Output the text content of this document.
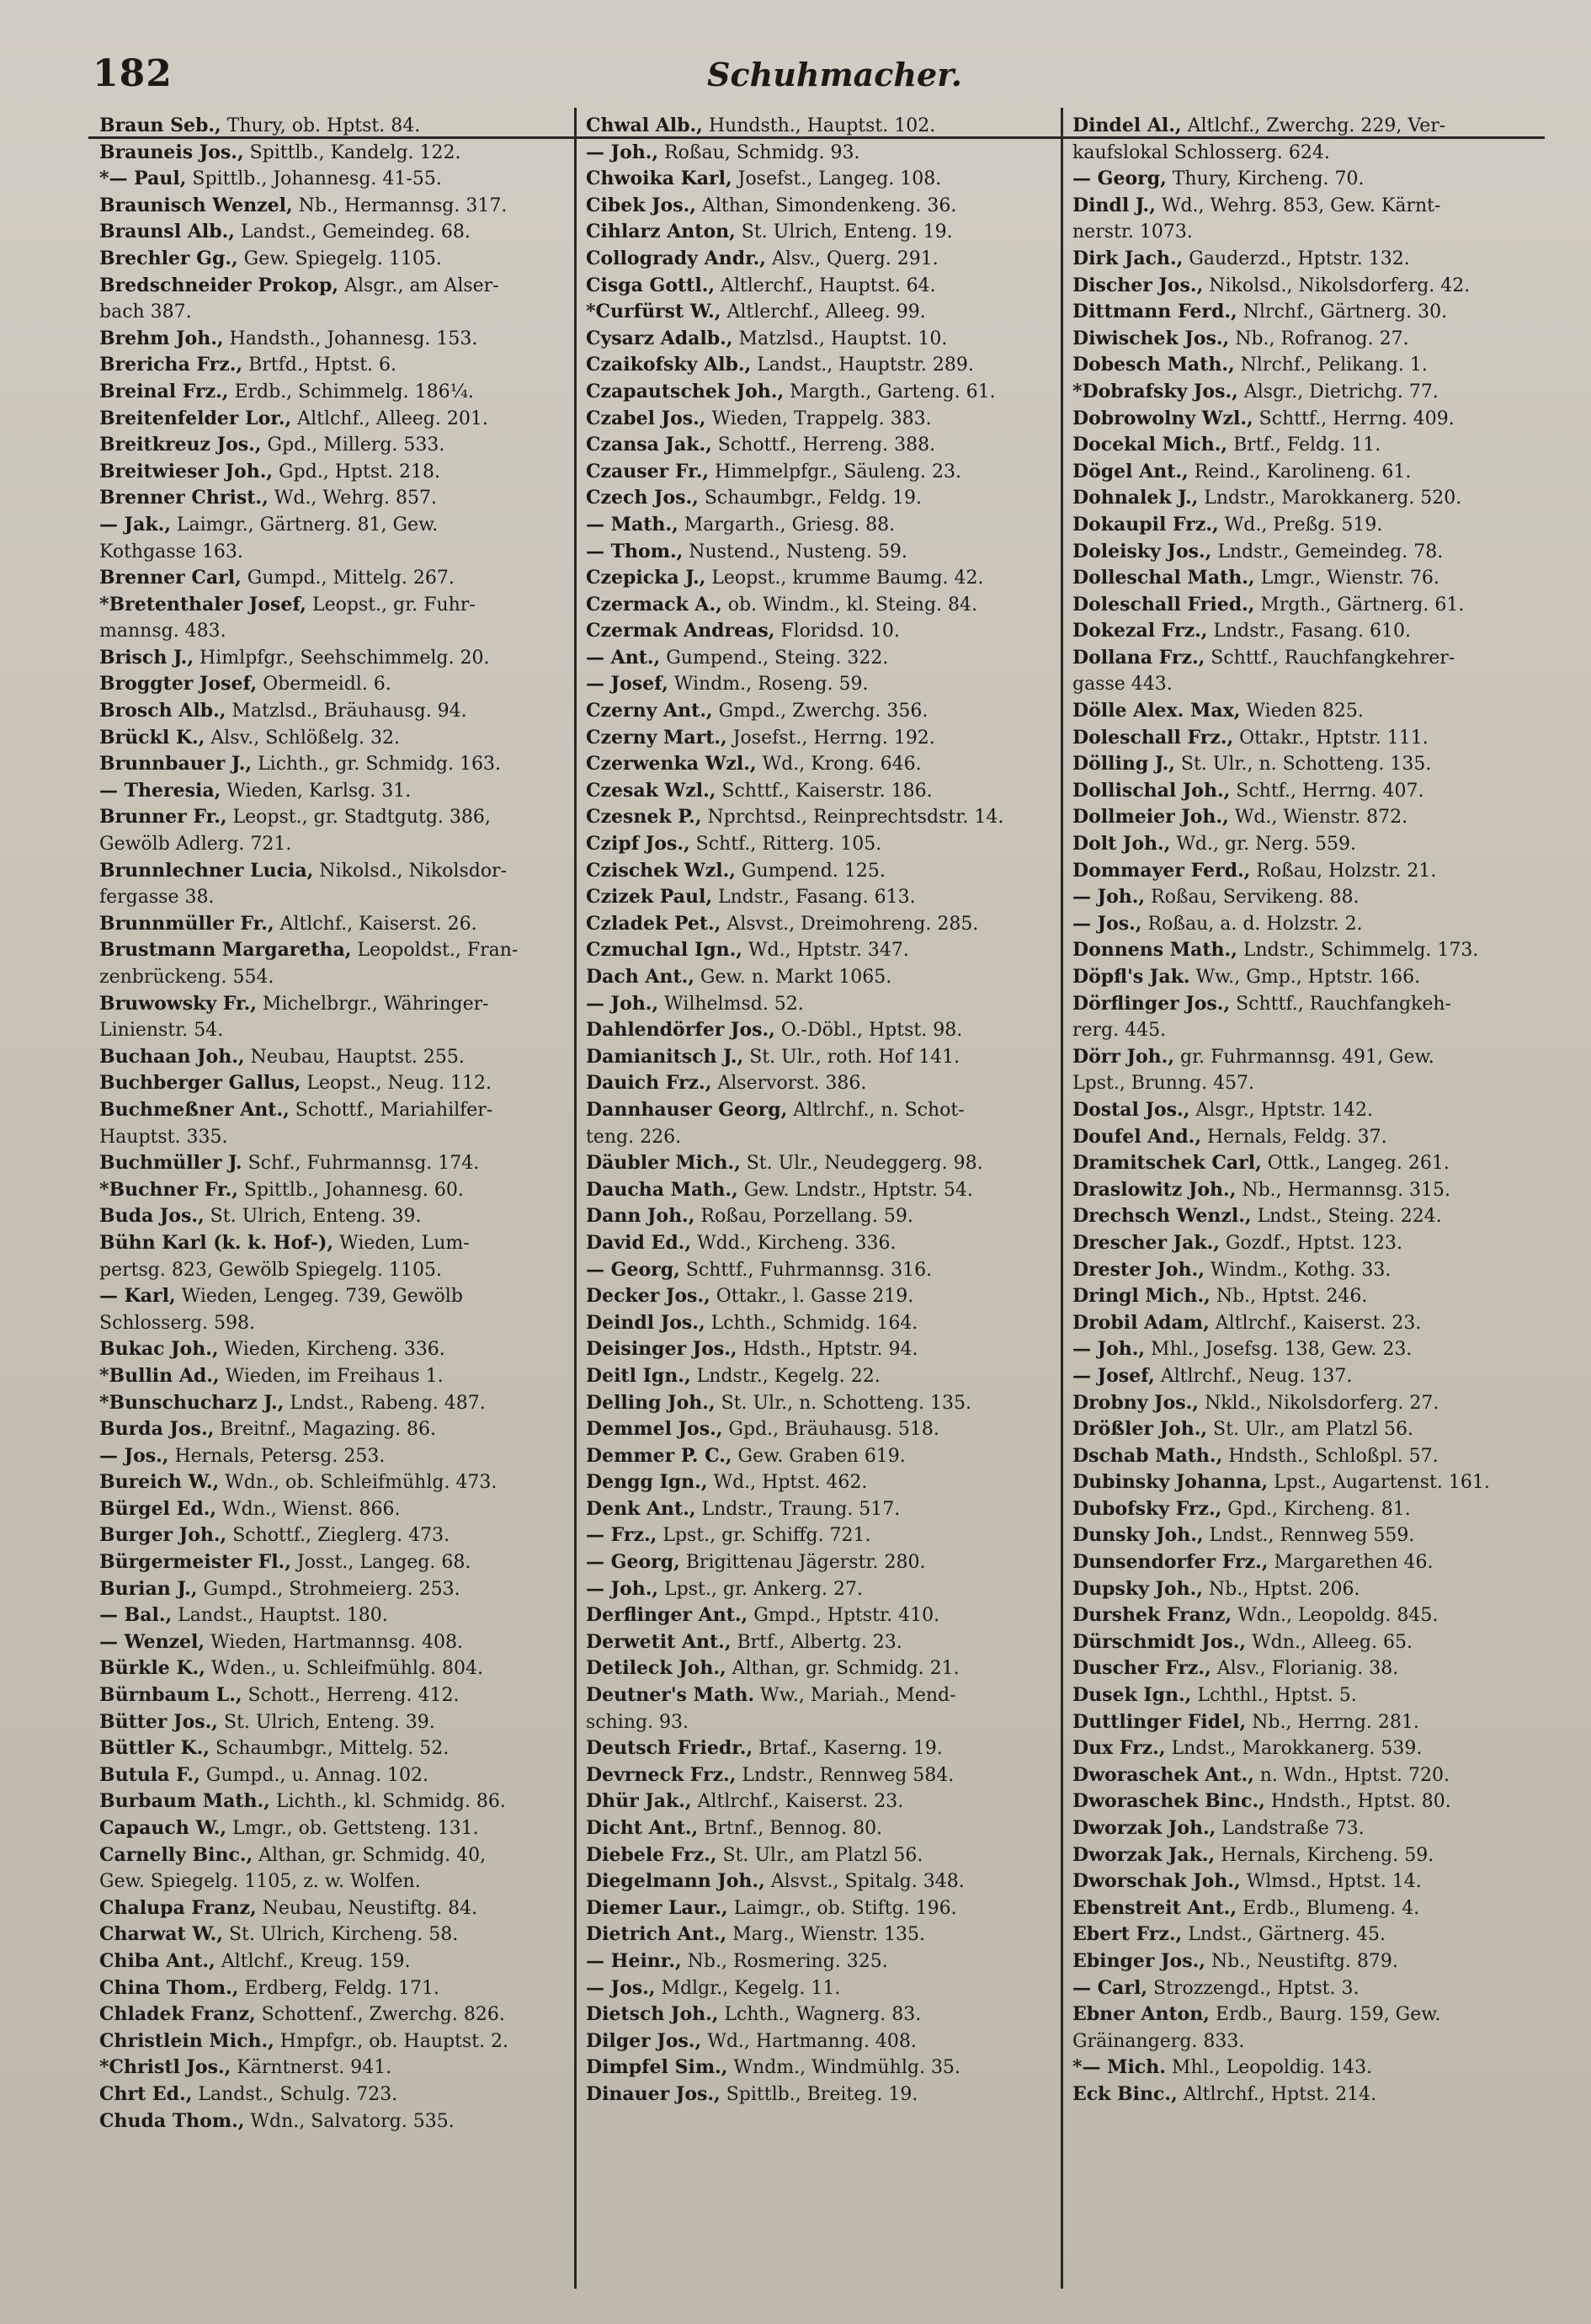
182	Schuhmacher.
Braun Seb., Thury, ob. Hptst. 84.
Brauneis Jos., Spittlb., Kandelg. 122.
*— Paul, Spittlb., Johannesg. 41-55.
Braunisch Wenzel, Nb., Hermannsg. 317.
Braunsl Alb., Landst., Gemeindeg. 68.
Brechler Gg., Gew. Spiegelg. 1105.
Bredschneider Prokop, Alsgr., am Alser-
bach 387.
Brehm Joh., Handsth., Johannesg. 153.
Brericha Frz., Brtfd., Hptst. 6.
Breinal Frz., Erdb., Schimmelg. 186¼.
Breitenfelder Lor., Altlchf., Alleeg. 201.
Breitkreuz Jos., Gpd., Millerg. 533.
Breitwieser Joh., Gpd., Hptst. 218.
Brenner Christ., Wd., Wehrg. 857.
— Jak., Laimgr., Gärtnerg. 81, Gew.
Kothgasse 163.
Brenner Carl, Gumpd., Mittelg. 267.
*Bretenthaler Josef, Leopst., gr. Fuhr-
mannsg. 483.
Brisch J., Himlpfgr., Seehschimmelg. 20.
Broggter Josef, Obermeidl. 6.
Brosch Alb., Matzlsd., Bräuhausg. 94.
Brückl K., Alsv., Schlößelg. 32.
Brunnbauer J., Lichth., gr. Schmidg. 163.
— Theresia, Wieden, Karlsg. 31.
Brunner Fr., Leopst., gr. Stadtgutg. 386,
Gewölb Adlerg. 721.
Brunnlechner Lucia, Nikolsd., Nikolsdor-
fergasse 38.
Brunnmüller Fr., Altlchf., Kaiserst. 26.
Brustmann Margaretha, Leopoldst., Fran-
zenbrückeng. 554.
Bruwowsky Fr., Michelbrgr., Währinger-
Linienstr. 54.
Buchaan Joh., Neubau, Hauptst. 255.
Buchberger Gallus, Leopst., Neug. 112.
Buchmeßner Ant., Schottf., Mariahilfer-
Hauptst. 335.
Buchmüller J. Schf., Fuhrmannsg. 174.
*Buchner Fr., Spittlb., Johannesg. 60.
Buda Jos., St. Ulrich, Enteng. 39.
Bühn Karl (k. k. Hof-), Wieden, Lum-
pertsg. 823, Gewölb Spiegelg. 1105.
— Karl, Wieden, Lengeg. 739, Gewölb
Schlosserg. 598.
Bukac Joh., Wieden, Kircheng. 336.
*Bullin Ad., Wieden, im Freihaus 1.
*Bunschucharz J., Lndst., Rabeng. 487.
Burda Jos., Breitnf., Magazing. 86.
— Jos., Hernals, Petersg. 253.
Bureich W., Wdn., ob. Schleifmühlg. 473.
Bürgel Ed., Wdn., Wienst. 866.
Burger Joh., Schottf., Zieglerg. 473.
Bürgermeister Fl., Josst., Langeg. 68.
Burian J., Gumpd., Strohmeierg. 253.
— Bal., Landst., Hauptst. 180.
— Wenzel, Wieden, Hartmannsg. 408.
Bürkle K., Wden., u. Schleifmühlg. 804.
Bürnbaum L., Schott., Herreng. 412.
Bütter Jos., St. Ulrich, Enteng. 39.
Büttler K., Schaumbgr., Mittelg. 52.
Butula F., Gumpd., u. Annag. 102.
Burbaum Math., Lichth., kl. Schmidg. 86.
Capauch W., Lmgr., ob. Gettsteng. 131.
Carnelly Binc., Althan, gr. Schmidg. 40,
Gew. Spiegelg. 1105, z. w. Wolfen.
Chalupa Franz, Neubau, Neustiftg. 84.
Charwat W., St. Ulrich, Kircheng. 58.
Chiba Ant., Altlchf., Kreug. 159.
China Thom., Erdberg, Feldg. 171.
Chladek Franz, Schottenf., Zwerchg. 826.
Christlein Mich., Hmpfgr., ob. Hauptst. 2.
*Christl Jos., Kärntnerst. 941.
Chrt Ed., Landst., Schulg. 723.
Chuda Thom., Wdn., Salvatorg. 535.
Chwal Alb., Hundsth., Hauptst. 102.
— Joh., Roßau, Schmidg. 93.
Chwoika Karl, Josefst., Langeg. 108.
Cibek Jos., Althan, Simondenkeng. 36.
Cihlarz Anton, St. Ulrich, Enteng. 19.
Collogrady Andr., Alsv., Querg. 291.
Cisga Gottl., Altlerchf., Hauptst. 64.
*Curfürst W., Altlerchf., Alleeg. 99.
Cysarz Adalb., Matzlsd., Hauptst. 10.
Czaikofsky Alb., Landst., Hauptstr. 289.
Czapautschek Joh., Margth., Garteng. 61.
Czabel Jos., Wieden, Trappelg. 383.
Czansa Jak., Schottf., Herreng. 388.
Czauser Fr., Himmelpfgr., Säuleng. 23.
Czech Jos., Schaumbgr., Feldg. 19.
— Math., Margarth., Griesg. 88.
— Thom., Nustend., Nusteng. 59.
Czepicka J., Leopst., krumme Baumg. 42.
Czermack A., ob. Windm., kl. Steing. 84.
Czermak Andreas, Floridsd. 10.
— Ant., Gumpend., Steing. 322.
— Josef, Windm., Roseng. 59.
Czerny Ant., Gmpd., Zwerchg. 356.
Czerny Mart., Josefst., Herrng. 192.
Czerwenka Wzl., Wd., Krong. 646.
Czesak Wzl., Schttf., Kaiserstr. 186.
Czesnek P., Nprchtsd., Reinprechtsdstr. 14.
Czipf Jos., Schtf., Ritterg. 105.
Czischek Wzl., Gumpend. 125.
Czizek Paul, Lndstr., Fasang. 613.
Czladek Pet., Alsvst., Dreimohreng. 285.
Czmuchal Ign., Wd., Hptstr. 347.
Dach Ant., Gew. n. Markt 1065.
— Joh., Wilhelmsd. 52.
Dahlendörfer Jos., O.-Döbl., Hptst. 98.
Damianitsch J., St. Ulr., roth. Hof 141.
Dauich Frz., Alservorst. 386.
Dannhauser Georg, Altlrchf., n. Schot-
teng. 226.
Däubler Mich., St. Ulr., Neudeggerg. 98.
Daucha Math., Gew. Lndstr., Hptstr. 54.
Dann Joh., Roßau, Porzellang. 59.
David Ed., Wdd., Kircheng. 336.
— Georg, Schttf., Fuhrmannsg. 316.
Decker Jos., Ottakr., l. Gasse 219.
Deindl Jos., Lchth., Schmidg. 164.
Deisinger Jos., Hdsth., Hptstr. 94.
Deitl Ign., Lndstr., Kegelg. 22.
Delling Joh., St. Ulr., n. Schotteng. 135.
Demmel Jos., Gpd., Bräuhausg. 518.
Demmer P. C., Gew. Graben 619.
Dengg Ign., Wd., Hptst. 462.
Denk Ant., Lndstr., Traung. 517.
— Frz., Lpst., gr. Schiffg. 721.
— Georg, Brigittenau Jägerstr. 280.
— Joh., Lpst., gr. Ankerg. 27.
Derflinger Ant., Gmpd., Hptstr. 410.
Derwetit Ant., Brtf., Albertg. 23.
Detileck Joh., Althan, gr. Schmidg. 21.
Deutner's Math. Ww., Mariah., Mend-
sching. 93.
Deutsch Friedr., Brtaf., Kaserng. 19.
Devrneck Frz., Lndstr., Rennweg 584.
Dhür Jak., Altlrchf., Kaiserst. 23.
Dicht Ant., Brtnf., Bennog. 80.
Diebele Frz., St. Ulr., am Platzl 56.
Diegelmann Joh., Alsvst., Spitalg. 348.
Diemer Laur., Laimgr., ob. Stiftg. 196.
Dietrich Ant., Marg., Wienstr. 135.
— Heinr., Nb., Rosmering. 325.
— Jos., Mdlgr., Kegelg. 11.
Dietsch Joh., Lchth., Wagnerg. 83.
Dilger Jos., Wd., Hartmanng. 408.
Dimpfel Sim., Wndm., Windmühlg. 35.
Dinauer Jos., Spittlb., Breiteg. 19.
Dindel Al., Altlchf., Zwerchg. 229, Ver-
kaufslokal Schlosserg. 624.
— Georg, Thury, Kircheng. 70.
Dindl J., Wd., Wehrg. 853, Gew. Kärnt-
nerstr. 1073.
Dirk Jach., Gauderzd., Hptstr. 132.
Discher Jos., Nikolsd., Nikolsdorferg. 42.
Dittmann Ferd., Nlrchf., Gärtnerg. 30.
Diwischek Jos., Nb., Rofranog. 27.
Dobesch Math., Nlrchf., Pelikang. 1.
*Dobrafsky Jos., Alsgr., Dietrichg. 77.
Dobrowolny Wzl., Schttf., Herrng. 409.
Docekal Mich., Brtf., Feldg. 11.
Dögel Ant., Reind., Karolineng. 61.
Dohnalek J., Lndstr., Marokkanerg. 520.
Dokaupil Frz., Wd., Preßg. 519.
Doleisky Jos., Lndstr., Gemeindeg. 78.
Dolleschal Math., Lmgr., Wienstr. 76.
Doleschall Fried., Mrgth., Gärtnerg. 61.
Dokezal Frz., Lndstr., Fasang. 610.
Dollana Frz., Schttf., Rauchfangkehrer-
gasse 443.
Dölle Alex. Max, Wieden 825.
Doleschall Frz., Ottakr., Hptstr. 111.
Dölling J., St. Ulr., n. Schotteng. 135.
Dollischal Joh., Schtf., Herrng. 407.
Dollmeier Joh., Wd., Wienstr. 872.
Dolt Joh., Wd., gr. Nerg. 559.
Dommayer Ferd., Roßau, Holzstr. 21.
— Joh., Roßau, Servikeng. 88.
— Jos., Roßau, a. d. Holzstr. 2.
Donnens Math., Lndstr., Schimmelg. 173.
Döpfl's Jak. Ww., Gmp., Hptstr. 166.
Dörflinger Jos., Schttf., Rauchfangkeh-
rerg. 445.
Dörr Joh., gr. Fuhrmannsg. 491, Gew.
Lpst., Brunng. 457.
Dostal Jos., Alsgr., Hptstr. 142.
Doufel And., Hernals, Feldg. 37.
Dramitschek Carl, Ottk., Langeg. 261.
Draslowitz Joh., Nb., Hermannsg. 315.
Drechsch Wenzl., Lndst., Steing. 224.
Drescher Jak., Gozdf., Hptst. 123.
Drester Joh., Windm., Kothg. 33.
Dringl Mich., Nb., Hptst. 246.
Drobil Adam, Altlrchf., Kaiserst. 23.
— Joh., Mhl., Josefsg. 138, Gew. 23.
— Josef, Altlrchf., Neug. 137.
Drobny Jos., Nkld., Nikolsdorferg. 27.
Drößler Joh., St. Ulr., am Platzl 56.
Dschab Math., Hndsth., Schloßpl. 57.
Dubinsky Johanna, Lpst., Augartenst. 161.
Dubofsky Frz., Gpd., Kircheng. 81.
Dunsky Joh., Lndst., Rennweg 559.
Dunsendorfer Frz., Margarethen 46.
Dupsky Joh., Nb., Hptst. 206.
Durshek Franz, Wdn., Leopoldg. 845.
Dürschmidt Jos., Wdn., Alleeg. 65.
Duscher Frz., Alsv., Florianig. 38.
Dusek Ign., Lchthl., Hptst. 5.
Duttlinger Fidel, Nb., Herrng. 281.
Dux Frz., Lndst., Marokkanerg. 539.
Dworaschek Ant., n. Wdn., Hptst. 720.
Dworaschek Binc., Hndsth., Hptst. 80.
Dworzak Joh., Landstraße 73.
Dworzak Jak., Hernals, Kircheng. 59.
Dworschak Joh., Wlmsd., Hptst. 14.
Ebenstreit Ant., Erdb., Blumeng. 4.
Ebert Frz., Lndst., Gärtnerg. 45.
Ebinger Jos., Nb., Neustiftg. 879.
— Carl, Strozzengd., Hptst. 3.
Ebner Anton, Erdb., Baurg. 159, Gew.
Gräinangerg. 833.
*— Mich. Mhl., Leopoldig. 143.
Eck Binc., Altlrchf., Hptst. 214.
